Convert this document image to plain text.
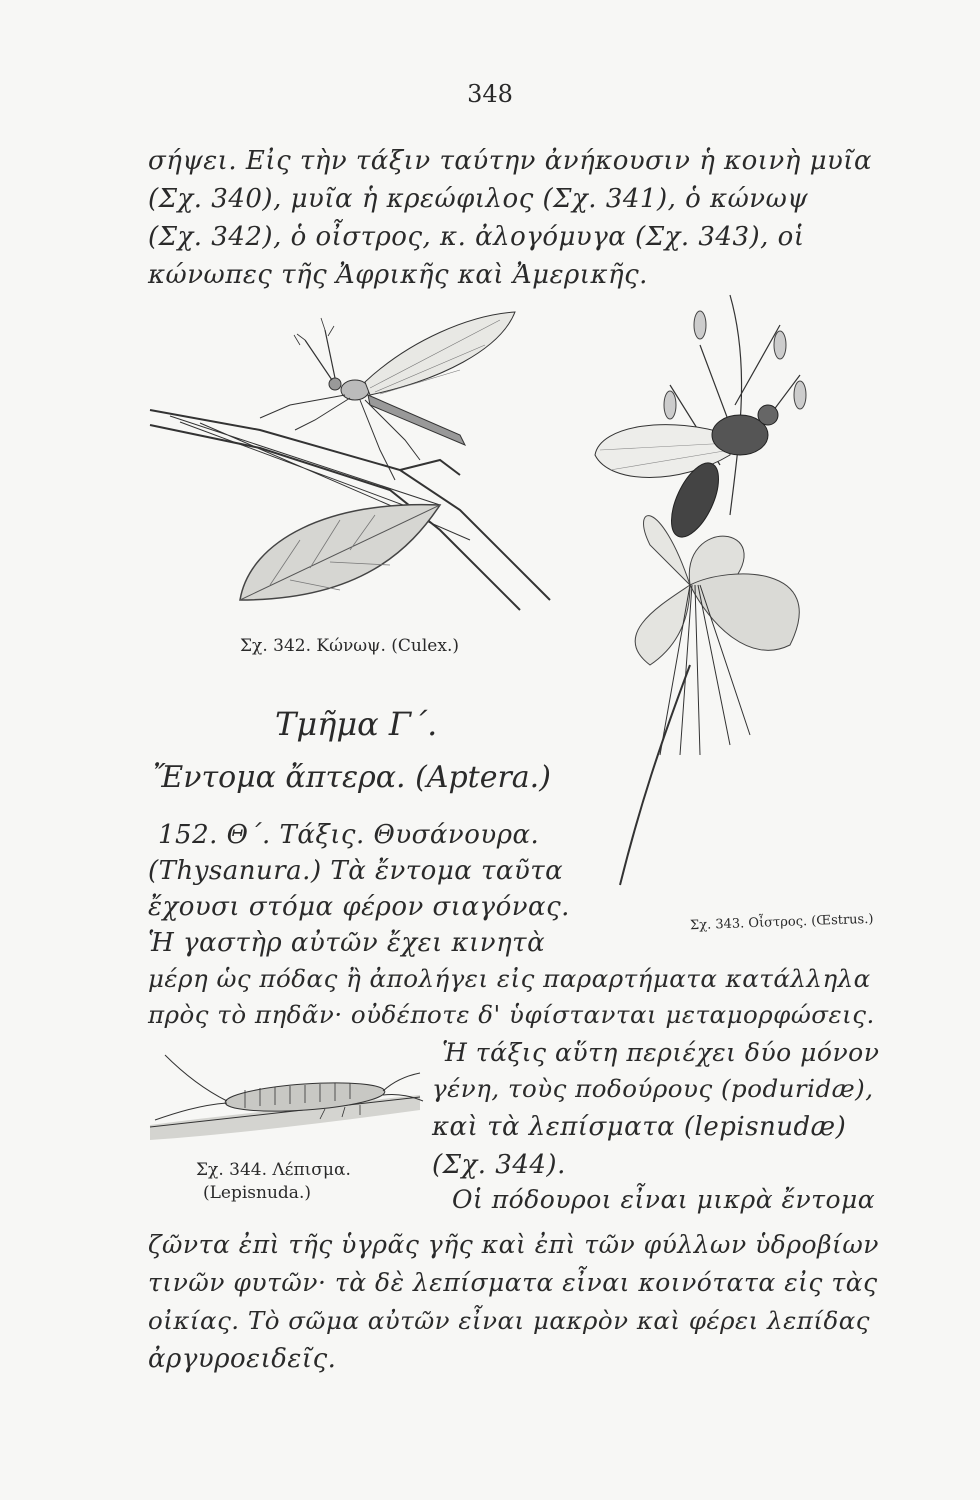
348
σήψει. Εἰς τὴν τάξιν ταύτην ἀνήκουσιν ἡ κοινὴ μυῖα
(Σχ. 340), μυῖα ἡ κρεώφιλος (Σχ. 341), ὁ κώνωψ
(Σχ. 342), ὁ οἶστρος, κ. ἀλογόμυγα (Σχ. 343), οἱ
κώνωπες τῆς Ἀφρικῆς καὶ Ἀμερικῆς.
Σχ. 342. Κώνωψ. (Culex.)
Σχ. 343. Οἶστρος. (Œstrus.)
Τμῆμα Γ΄.
Ἔντομα ἄπτερα. (Aptera.)
152. Θ΄. Τάξις. Θυσάνουρα.
(Thysanura.) Τὰ ἔντομα ταῦτα
ἔχουσι στόμα φέρον σιαγόνας.
Ἡ γαστὴρ αὐτῶν ἔχει κινητὰ
μέρη ὡς πόδας ἢ ἀπολήγει εἰς παραρτήματα κατάλληλα
πρὸς τὸ πηδᾶν· οὐδέποτε δ' ὑφίστανται μεταμορφώσεις.
Σχ. 344. Λέπισμα.
(Lepisnuda.)
Ἡ τάξις αὕτη περιέχει δύο μόνον
γένη, τοὺς ποδούρους (poduridæ),
καὶ τὰ λεπίσματα (lepisnudæ)
(Σχ. 344).
Οἱ πόδουροι εἶναι μικρὰ ἔντομα
ζῶντα ἐπὶ τῆς ὑγρᾶς γῆς καὶ ἐπὶ τῶν φύλλων ὑδροβίων
τινῶν φυτῶν· τὰ δὲ λεπίσματα εἶναι κοινότατα εἰς τὰς
οἰκίας. Τὸ σῶμα αὐτῶν εἶναι μακρὸν καὶ φέρει λεπίδας
ἀργυροειδεῖς.
